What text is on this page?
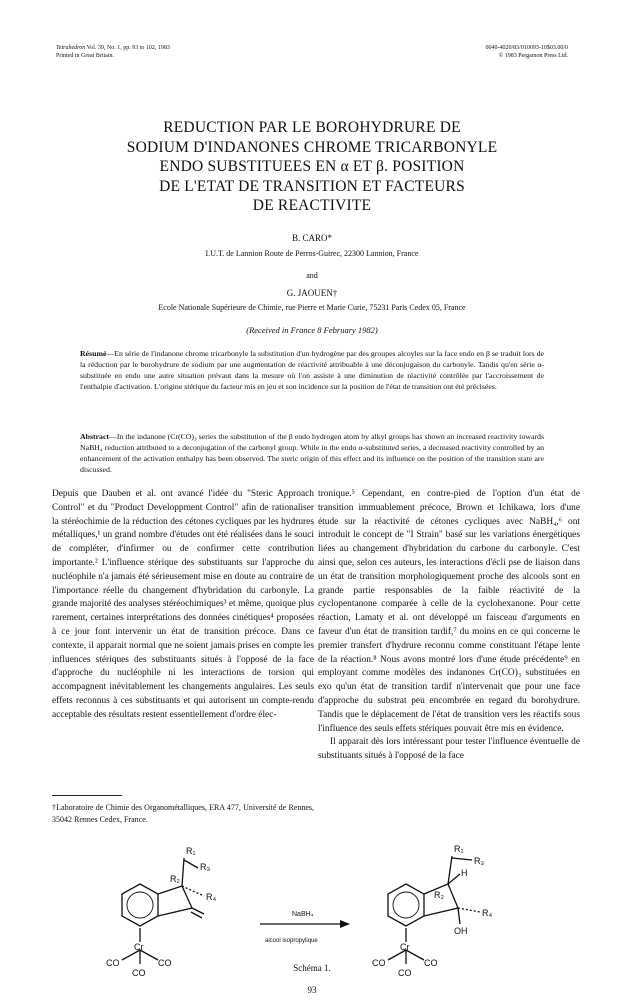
Tetrahedron Vol. 39, No. 1, pp. 93 to 102, 1983
Printed in Great Britain.
0040-4020/83/010093-10$03.00/0
© 1983 Pergamon Press Ltd.
REDUCTION PAR LE BOROHYDRURE DE
SODIUM D'INDANONES CHROME TRICARBONYLE
ENDO SUBSTITUEES EN α ET β. POSITION
DE L'ETAT DE TRANSITION ET FACTEURS
DE REACTIVITE
B. CARO*
I.U.T. de Lannion Route de Perros-Guirec, 22300 Lannion, France
and
G. JAOUEN†
Ecole Nationale Supérieure de Chimie, rue Pierre et Marie Curie, 75231 Paris Cedex 05, France
(Received in France 8 February 1982)
Résumé—En série de l'indanone chrome tricarbonyle la substitution d'un hydrogène par des groupes alcoyles sur la face endo en β se traduit lors de la réduction par le borohydrure de sodium par une augmentation de réactivité attribuable à une déconjugaison du carbonyle. Tandis qu'en série α-substituée en endo une autre situation prévaut dans la mesure où l'on assiste à une diminution de réactivité contrôlée par l'accroissement de l'enthalpie d'activation. L'origine stérique du facteur mis en jeu et son incidence sur la position de l'état de transition ont été précisées.
Abstract—In the indanone (Cr(CO)₃ series the substitution of the β endo hydrogen atom by alkyl groups has shown an increased reactivity towards NaBH₄ reduction attributed to a deconjugation of the carbonyl group. While in the endo α-substituted series, a decreased reactivity controlled by an enhancement of the activation enthalpy has been observed. The steric origin of this effect and its influence on the position of the transition state are discussed.

Depuis que Dauben et al. ont avancé l'idée du "Steric Approach Control" et du "Product Developpment Control" afin de rationaliser la stéréochimie de la réduction des cétones cycliques par les hydrures métalliques,¹ un grand nombre d'études ont été réalisées dans le souci de compléter, d'infirmer ou de confirmer cette contribution importante.² L'influence stérique des substituants sur l'approche du nucléophile n'a jamais été sérieusement mise en doute au contraire de l'importance réelle du changement d'hybridation du carbonyle. La grande majorité des analyses stéréochimiques³ et même, quoique plus rarement, certaines interprétations des données cinétiques⁴ proposées à ce jour font intervenir un état de transition précoce. Dans ce contexte, il apparait normal que ne soient jamais prises en compte les influences stériques des substituants situés à l'opposé de la face d'approche du nucléophile ni les interactions de torsion qui accompagnent inévitablement les changements angulaires. Les seuls effets reconnus à ces substituants et qui autorisent un compte-rendu acceptable des résultats restent essentiellement d'ordre élec-

tronique.⁵ Cependant, en contre-pied de l'option d'un état de transition immuablement précoce, Brown et Ichikawa, lors d'une étude sur la réactivité de cétones cycliques avec NaBH₄,⁶ ont introduit le concept de "I Strain" basé sur les variations énergétiques liées au changement d'hybridation du carbone du carbonyle. C'est ainsi que, selon ces auteurs, les interactions d'écli pse de liaison dans un état de transition morphologiquement proche des alcools sont en grande partie responsables de la faible réactivité de la cyclopentanone comparée à celle de la cyclohexanone. Pour cette réaction, Lamaty et al. ont développé un faisceau d'arguments en faveur d'un état de transition tardif,⁷ du moins en ce qui concerne le premier transfert d'hydrure reconnu comme constituant l'étape lente de la réaction.⁸ Nous avons montré lors d'une étude précédente⁹ en employant comme modèles des indanones Cr(CO)₃ substituées en exo qu'un état de transition tardif n'intervenait que pour une face d'approche du substrat peu encombrée en regard du borohydrure. Tandis que le déplacement de l'état de transition vers les réactifs sous l'influence des seuls effets stériques pouvait être mis en évidence.

Il apparait dès lors intéressant pour tester l'influence éventuelle de substituants situés à l'opposé de la face

†Laboratoire de Chimie des Organométalliques, ERA 477, Université de Rennes, 35042 Rennes Cedex, France.
R₁
R₃
R₂
R₄
Cr
CO	CO
CO
NaBH₄
alcool isopropylique
R₁
R₃
H
R₂
R₄
OH
Cr
CO	CO
CO
Schéma 1.
93
